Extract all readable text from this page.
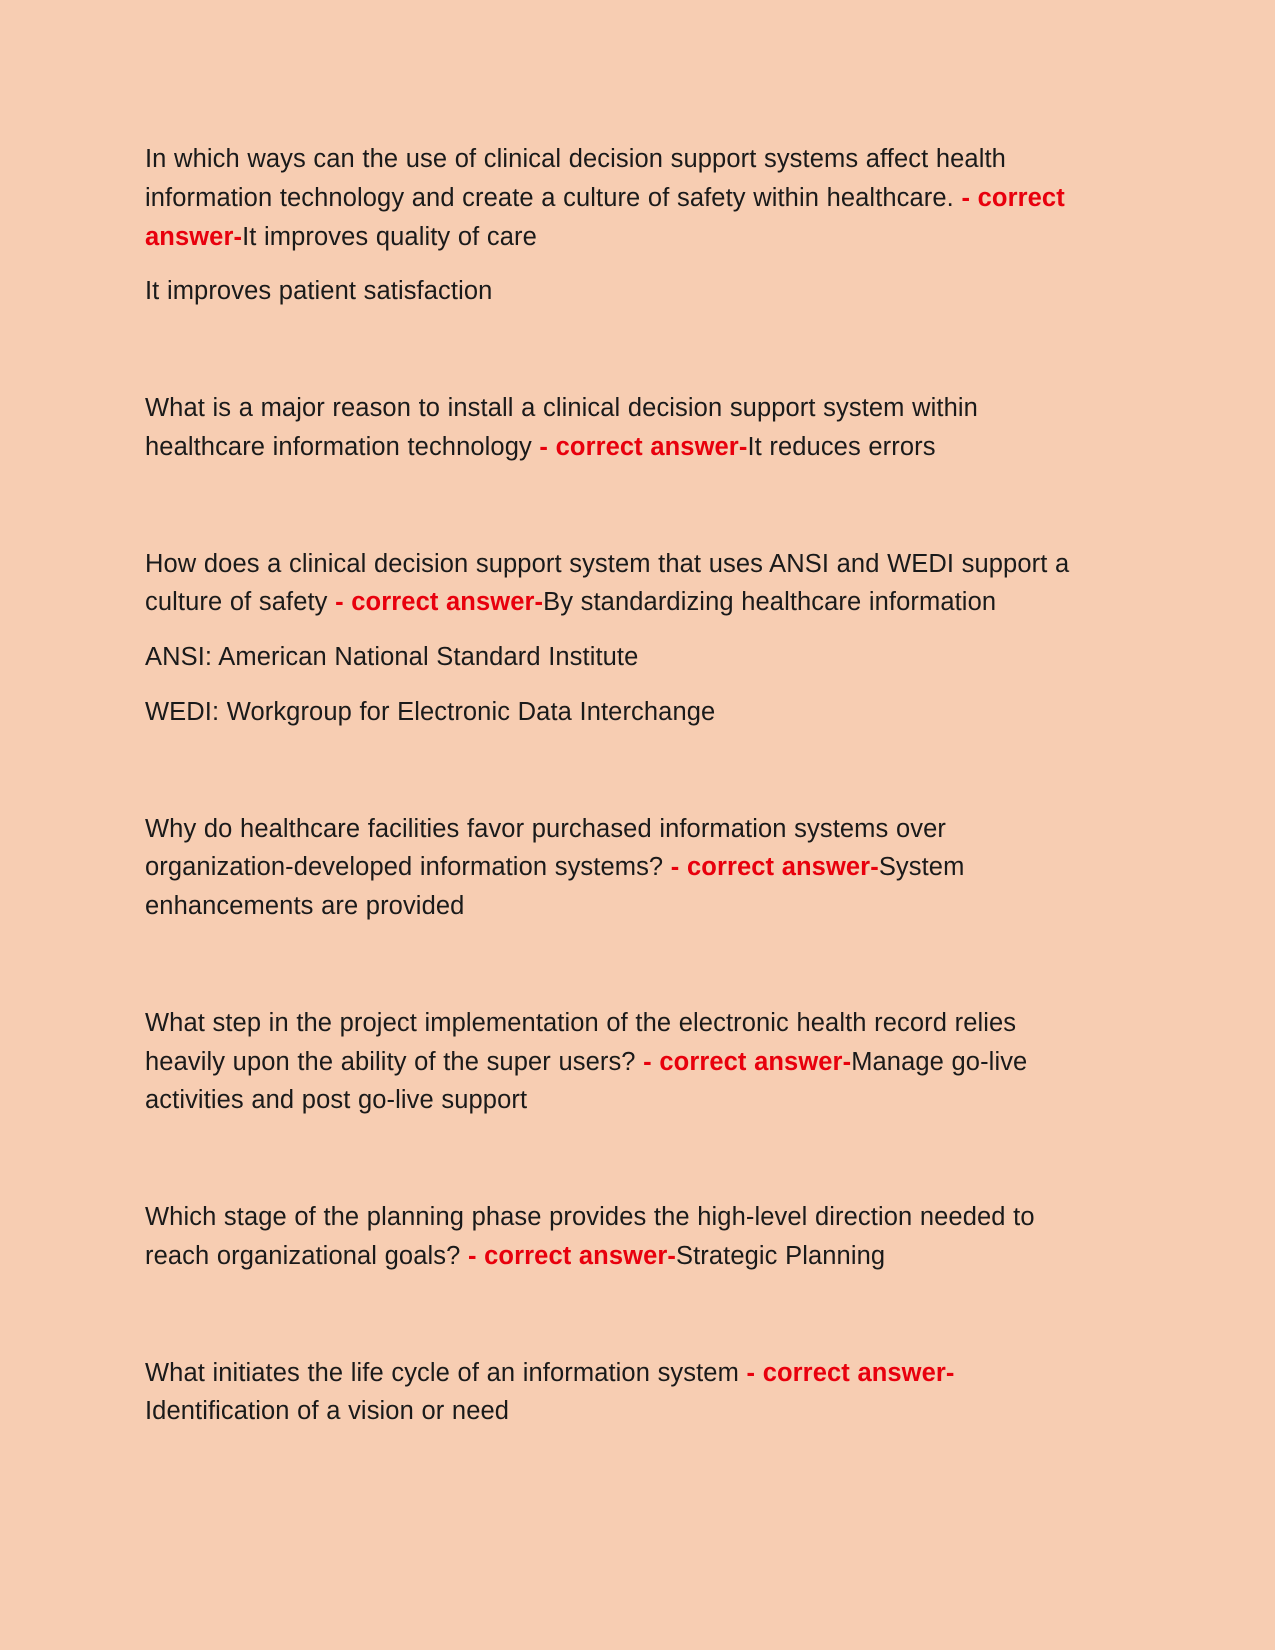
In which ways can the use of clinical decision support systems affect health information technology and create a culture of safety within healthcare. - correct answer-It improves quality of care

It improves patient satisfaction

What is a major reason to install a clinical decision support system within healthcare information technology - correct answer-It reduces errors

How does a clinical decision support system that uses ANSI and WEDI support a culture of safety - correct answer-By standardizing healthcare information

ANSI: American National Standard Institute

WEDI: Workgroup for Electronic Data Interchange

Why do healthcare facilities favor purchased information systems over organization-developed information systems? - correct answer-System enhancements are provided

What step in the project implementation of the electronic health record relies heavily upon the ability of the super users? - correct answer-Manage go-live activities and post go-live support

Which stage of the planning phase provides the high-level direction needed to reach organizational goals? - correct answer-Strategic Planning

What initiates the life cycle of an information system - correct answer-Identification of a vision or need
